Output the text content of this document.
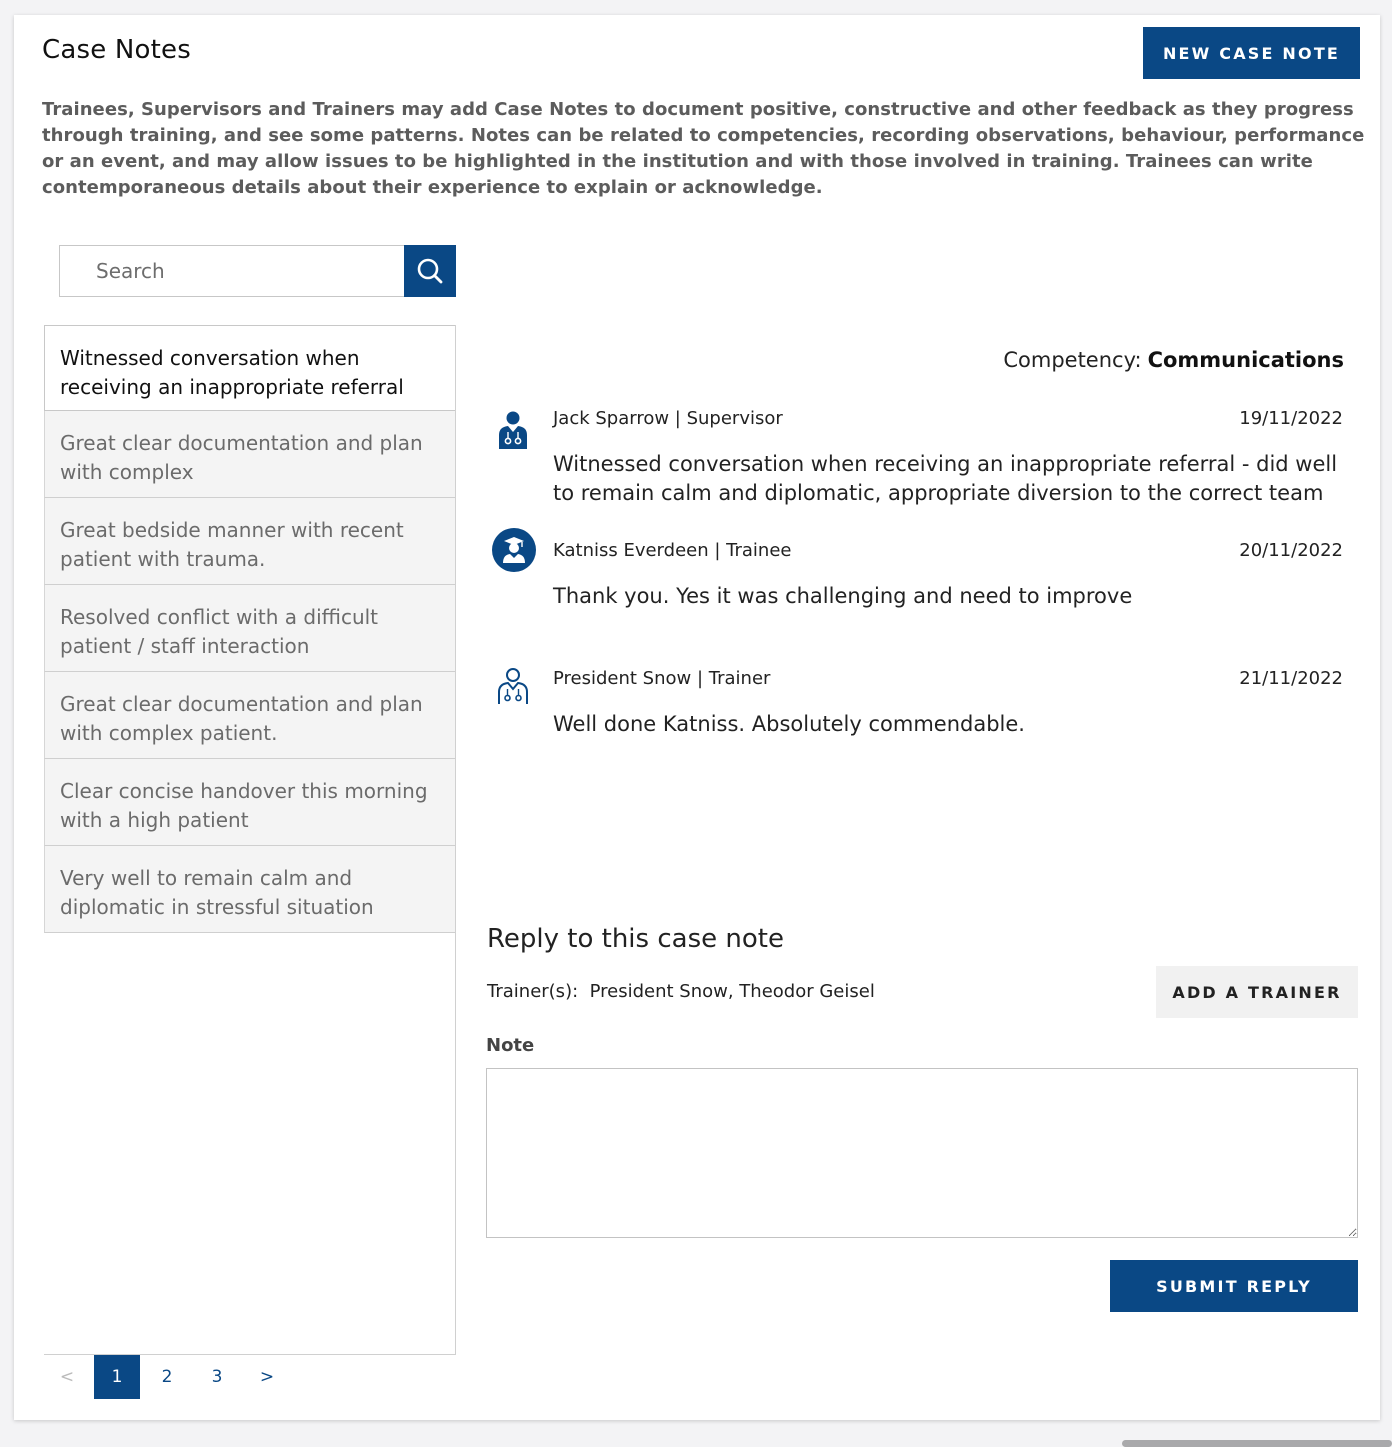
Case Notes	NEW CASE NOTE
Trainees, Supervisors and Trainers may add Case Notes to document positive, constructive and other feedback as they progress through training, and see some patterns. Notes can be related to competencies, recording observations, behaviour, performance or an event, and may allow issues to be highlighted in the institution and with those involved in training. Trainees can write contemporaneous details about their experience to explain or acknowledge.
Search
Witnessed conversation when receiving an inappropriate referral
Great clear documentation and plan with complex
Great bedside manner with recent patient with trauma.
Resolved conflict with a difficult patient / staff interaction
Great clear documentation and plan with complex patient.
Clear concise handover this morning with a high patient
Very well to remain calm and diplomatic in stressful situation
<	1	2	3	>
Competency: Communications
Jack Sparrow | Supervisor	19/11/2022
Witnessed conversation when receiving an inappropriate referral - did well to remain calm and diplomatic, appropriate diversion to the correct team
Katniss Everdeen | Trainee	20/11/2022
Thank you. Yes it was challenging and need to improve
President Snow | Trainer	21/11/2022
Well done Katniss. Absolutely commendable.
Reply to this case note
Trainer(s): President Snow, Theodor Geisel	ADD A TRAINER
Note
SUBMIT REPLY
